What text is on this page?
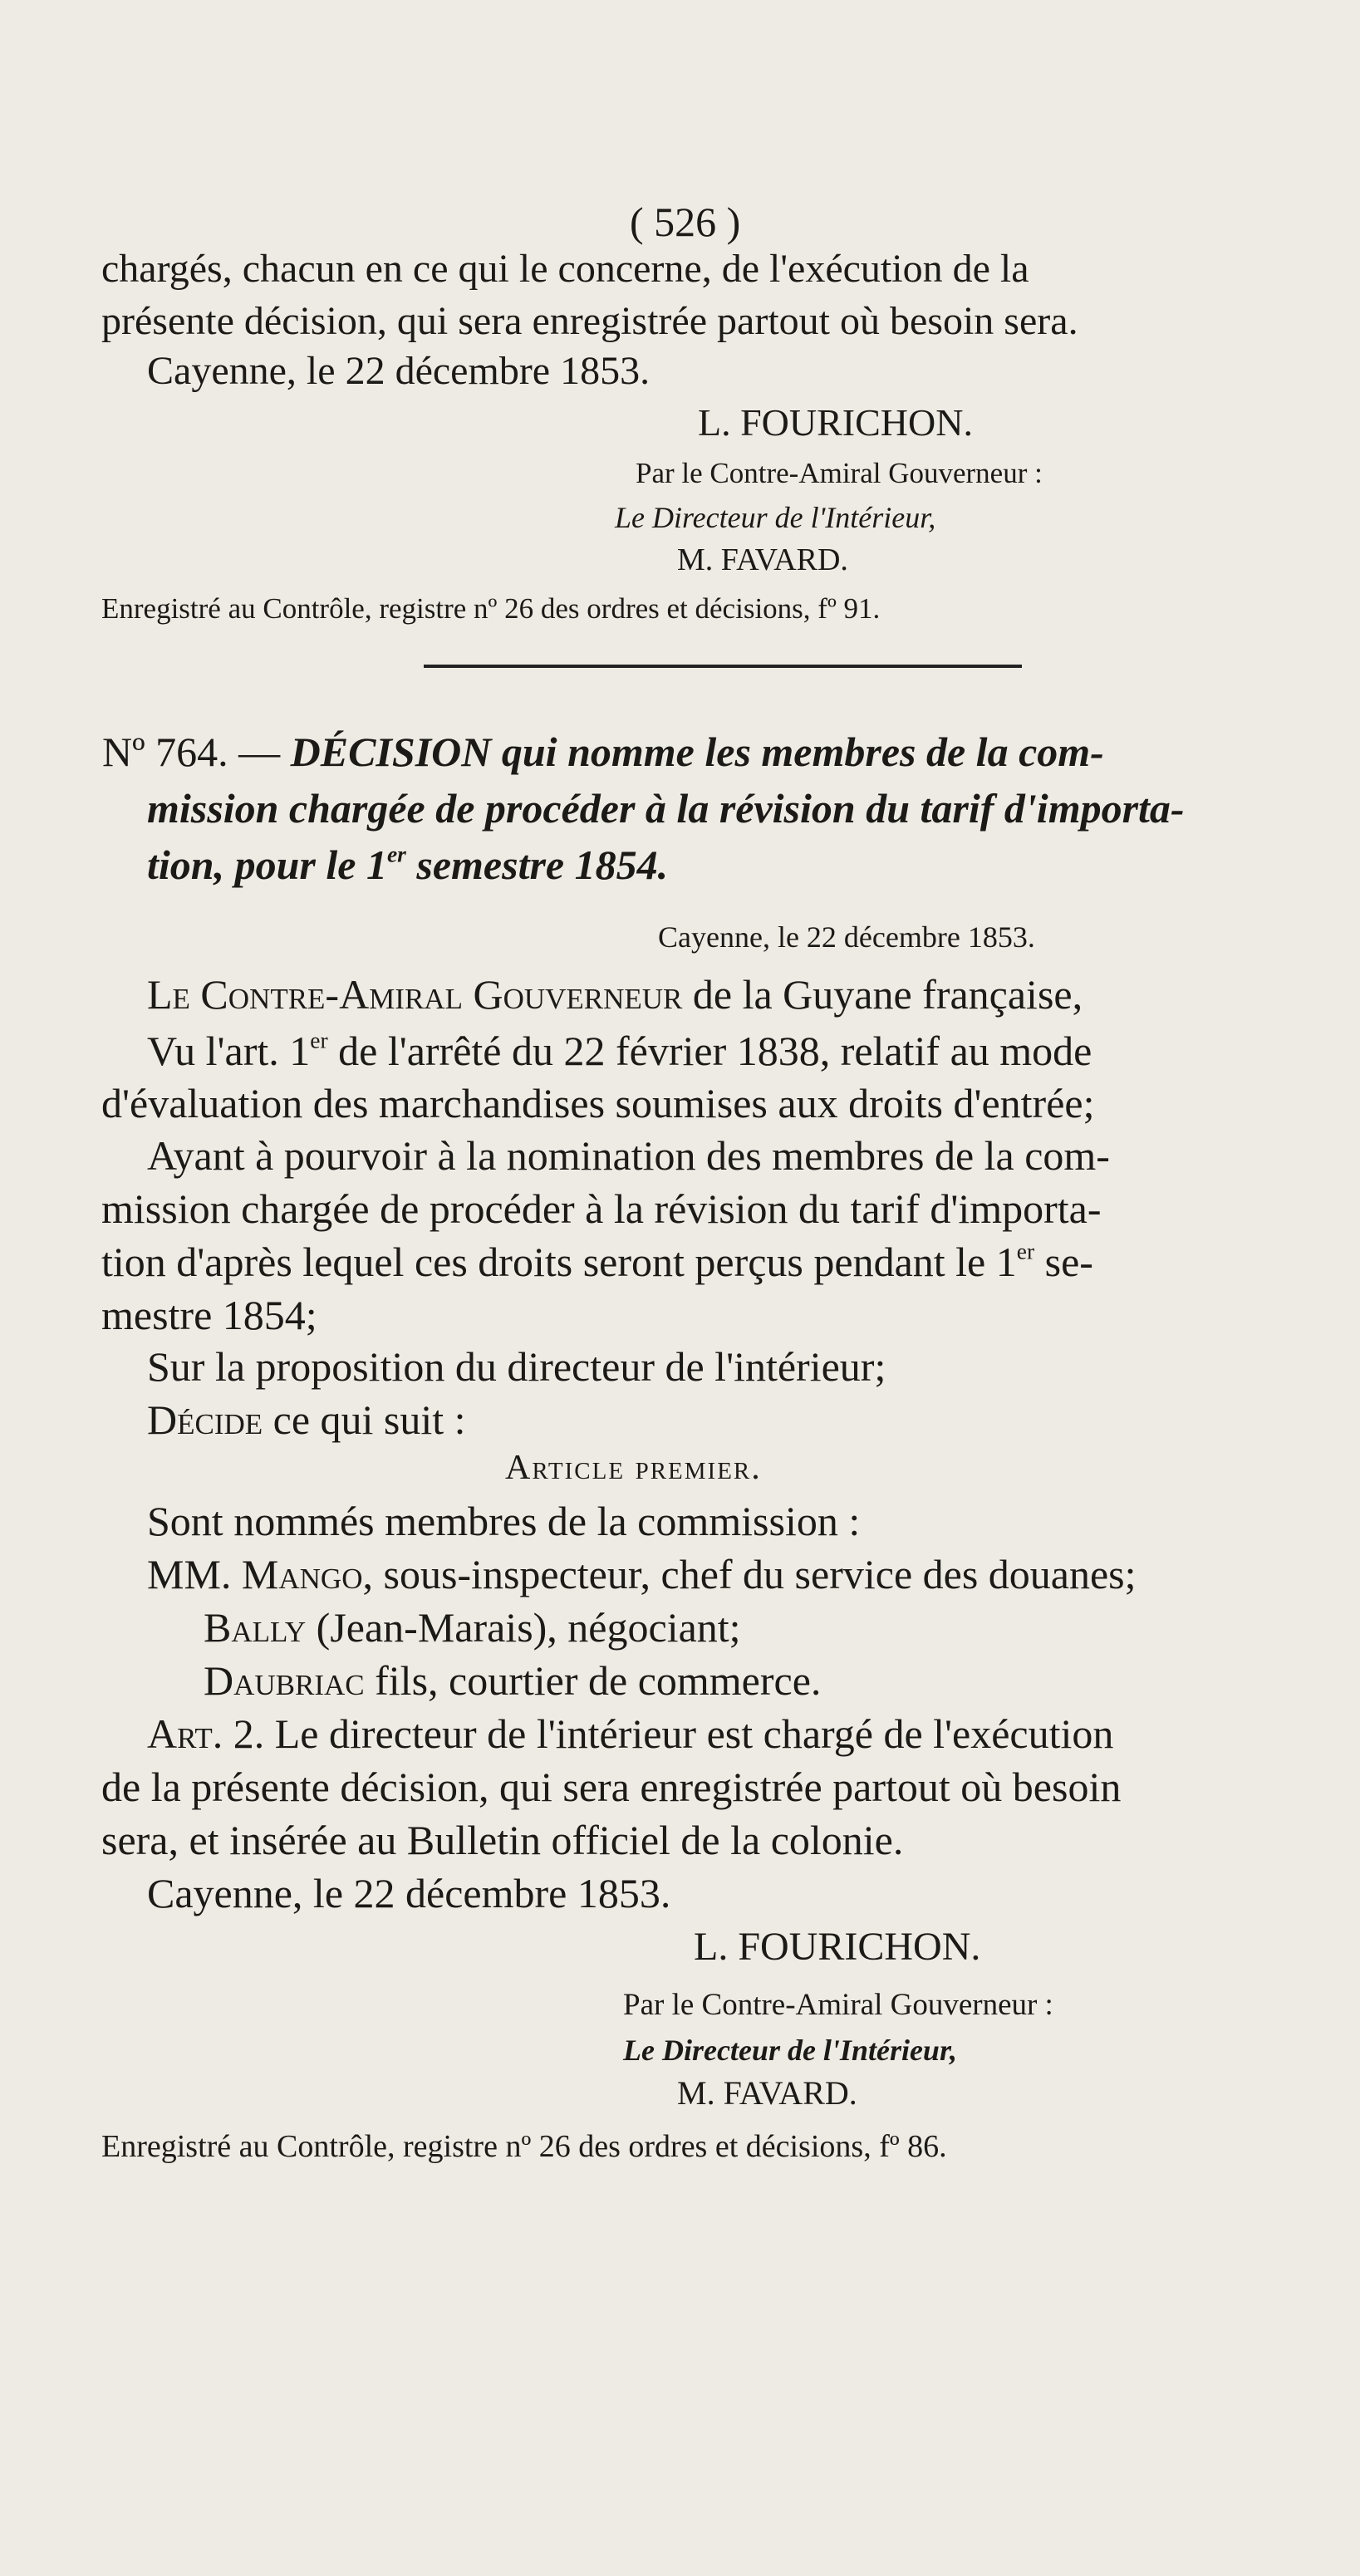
( 526 )
chargés, chacun en ce qui le concerne, de l'exécution de la
présente décision, qui sera enregistrée partout où besoin sera.
Cayenne, le 22 décembre 1853.
L. FOURICHON.
Par le Contre-Amiral Gouverneur :
Le Directeur de l'Intérieur,
M. FAVARD.
Enregistré au Contrôle, registre nº 26 des ordres et décisions, fº 91.
Nº 764. — DÉCISION qui nomme les membres de la com-
mission chargée de procéder à la révision du tarif d'importa-
tion, pour le 1er semestre 1854.
Cayenne, le 22 décembre 1853.
Le Contre-Amiral Gouverneur de la Guyane française,
Vu l'art. 1er de l'arrêté du 22 février 1838, relatif au mode
d'évaluation des marchandises soumises aux droits d'entrée;
Ayant à pourvoir à la nomination des membres de la com-
mission chargée de procéder à la révision du tarif d'importa-
tion d'après lequel ces droits seront perçus pendant le 1er se-
mestre 1854;
Sur la proposition du directeur de l'intérieur;
Décide ce qui suit :
Article premier.
Sont nommés membres de la commission :
MM. Mango, sous-inspecteur, chef du service des douanes;
Bally (Jean-Marais), négociant;
Daubriac fils, courtier de commerce.
Art. 2. Le directeur de l'intérieur est chargé de l'exécution
de la présente décision, qui sera enregistrée partout où besoin
sera, et insérée au Bulletin officiel de la colonie.
Cayenne, le 22 décembre 1853.
L. FOURICHON.
Par le Contre-Amiral Gouverneur :
Le Directeur de l'Intérieur,
M. FAVARD.
Enregistré au Contrôle, registre nº 26 des ordres et décisions, fº 86.
